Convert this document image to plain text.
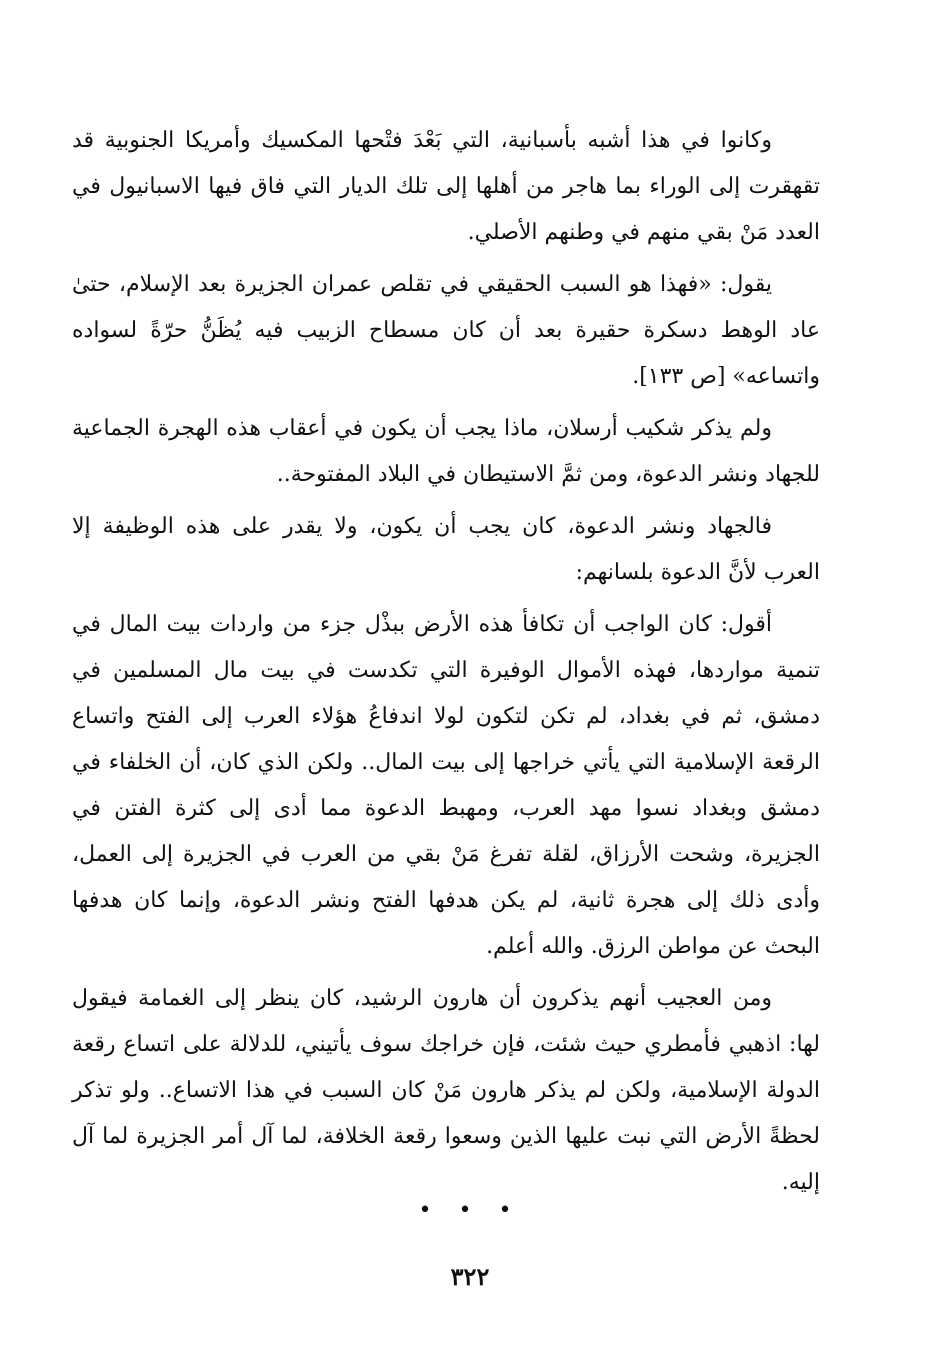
وكانوا في هذا أشبه بأسبانية، التي بَعْدَ فتْحها المكسيك وأمريكا الجنوبية قد تقهقرت إلى الوراء بما هاجر من أهلها إلى تلك الديار التي فاق فيها الاسبانيول في العدد مَنْ بقي منهم في وطنهم الأصلي.

يقول: «فهذا هو السبب الحقيقي في تقلص عمران الجزيرة بعد الإسلام، حتىٰ عاد الوهط دسكرة حقيرة بعد أن كان مسطاح الزبيب فيه يُظَنُّ حرّةً لسواده واتساعه» [ص ١٣٣].

ولم يذكر شكيب أرسلان، ماذا يجب أن يكون في أعقاب هذه الهجرة الجماعية للجهاد ونشر الدعوة، ومن ثمَّ الاستيطان في البلاد المفتوحة..

فالجهاد ونشر الدعوة، كان يجب أن يكون، ولا يقدر على هذه الوظيفة إلا العرب لأنَّ الدعوة بلسانهم:

أقول: كان الواجب أن تكافأ هذه الأرض ببذْل جزء من واردات بيت المال في تنمية مواردها، فهذه الأموال الوفيرة التي تكدست في بيت مال المسلمين في دمشق، ثم في بغداد، لم تكن لتكون لولا اندفاعُ هؤلاء العرب إلى الفتح واتساع الرقعة الإسلامية التي يأتي خراجها إلى بيت المال.. ولكن الذي كان، أن الخلفاء في دمشق وبغداد نسوا مهد العرب، ومهبط الدعوة مما أدى إلى كثرة الفتن في الجزيرة، وشحت الأرزاق، لقلة تفرغ مَنْ بقي من العرب في الجزيرة إلى العمل، وأدى ذلك إلى هجرة ثانية، لم يكن هدفها الفتح ونشر الدعوة، وإنما كان هدفها البحث عن مواطن الرزق. والله أعلم.

ومن العجيب أنهم يذكرون أن هارون الرشيد، كان ينظر إلى الغمامة فيقول لها: اذهبي فأمطري حيث شئت، فإن خراجك سوف يأتيني، للدلالة على اتساع رقعة الدولة الإسلامية، ولكن لم يذكر هارون مَنْ كان السبب في هذا الاتساع.. ولو تذكر لحظةً الأرض التي نبت عليها الذين وسعوا رقعة الخلافة، لما آل أمر الجزيرة لما آل إليه.

• • •
٣٢٢
